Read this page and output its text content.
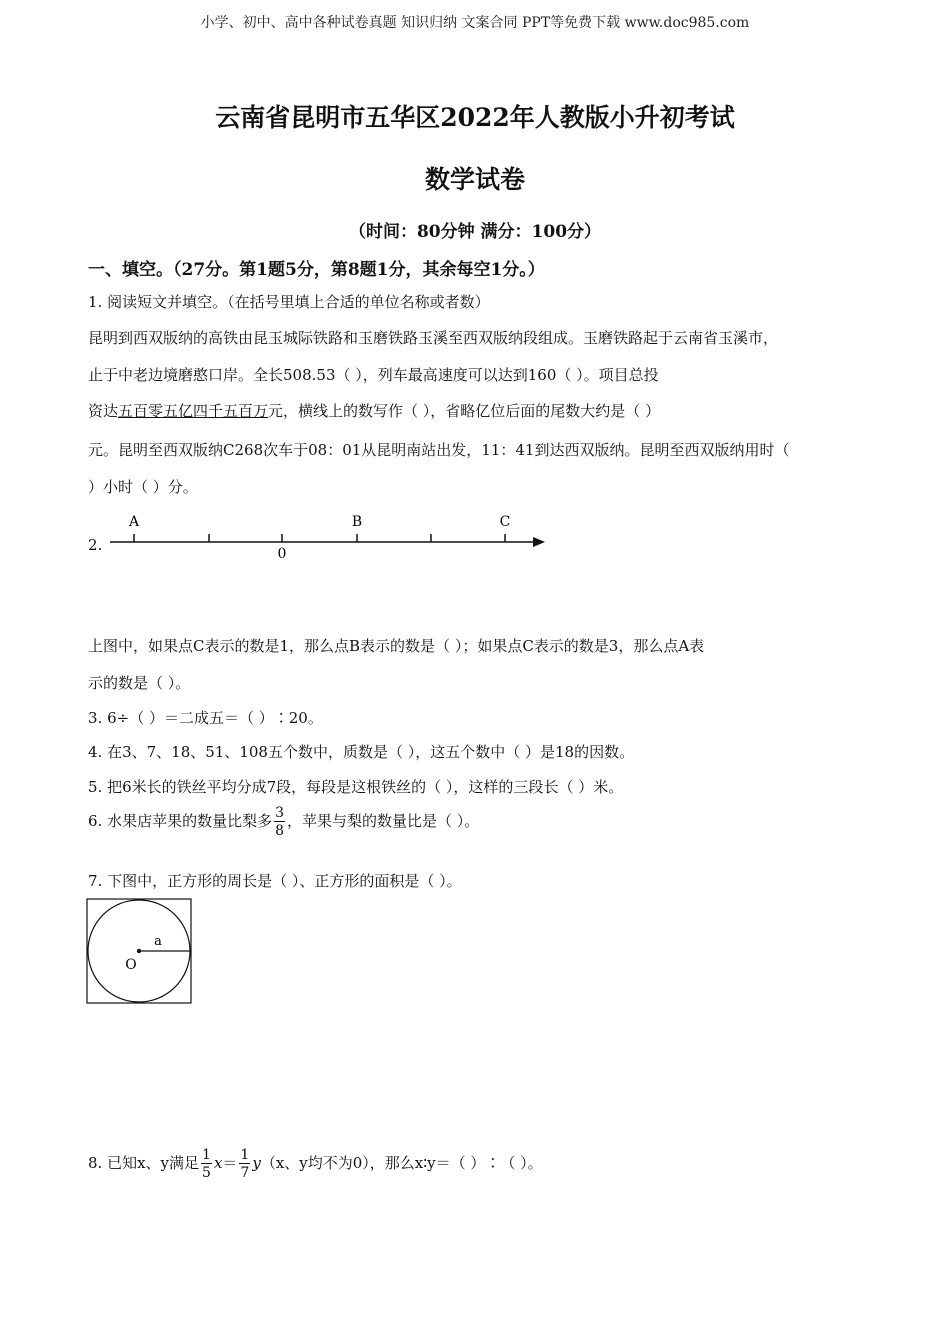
小学、初中、高中各种试卷真题 知识归纳 文案合同 PPT等免费下载 www.doc985.com
云南省昆明市五华区2022年人教版小升初考试
数学试卷
（时间：80分钟 满分：100分）
一、填空。（27分。第1题5分，第8题1分，其余每空1分。）
1. 阅读短文并填空。（在括号里填上合适的单位名称或者数）
昆明到西双版纳的高铁由昆玉城际铁路和玉磨铁路玉溪至西双版纳段组成。玉磨铁路起于云南省玉溪市，
止于中老边境磨憨口岸。全长508.53（ ），列车最高速度可以达到160（ ）。项目总投
资达五百零五亿四千五百万元，横线上的数写作（ ），省略亿位后面的尾数大约是（ ）
元。昆明至西双版纳C268次车于08：01从昆明南站出发，11：41到达西双版纳。昆明至西双版纳用时（
）小时（ ）分。
2.
A	B	C
0
上图中，如果点C表示的数是1，那么点B表示的数是（ ）；如果点C表示的数是3，那么点A表
示的数是（ ）。
3. 6÷（ ）＝二成五＝（ ）∶20。
4. 在3、7、18、51、108五个数中，质数是（ ），这五个数中（ ）是18的因数。
5. 把6米长的铁丝平均分成7段，每段是这根铁丝的（ ），这样的三段长（ ）米。
6. 水果店苹果的数量比梨多 $\frac{3}{8}$ ，苹果与梨的数量比是（ ）。
7. 下图中，正方形的周长是（ ）、正方形的面积是（ ）。
a
O
8. 已知x、y满足 $\frac{1}{5} x= \frac{1}{7} y(x$、y均不为0），那么x∶y＝（ ）∶（ ）。
